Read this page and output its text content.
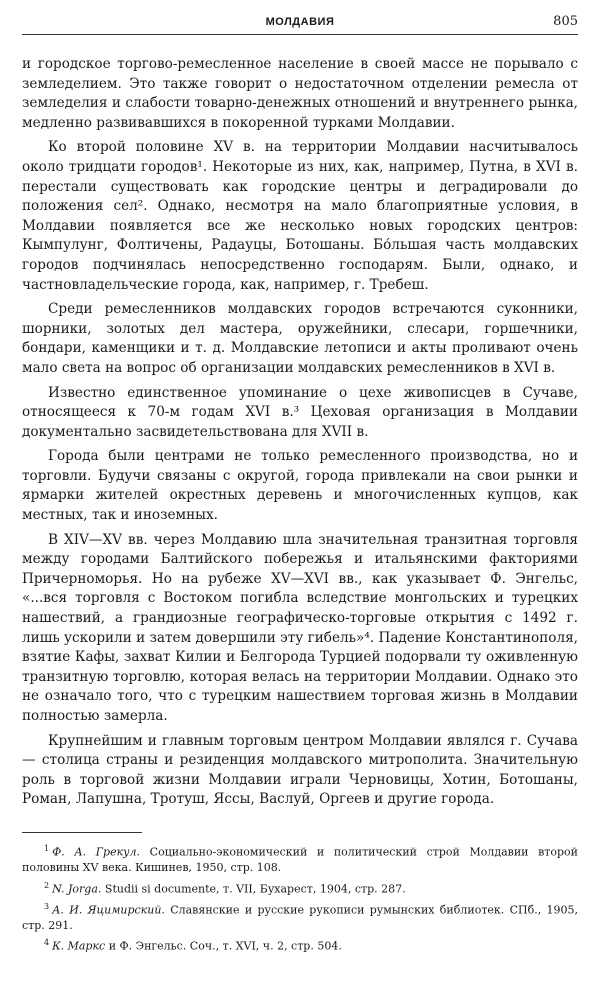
МОЛДАВИЯ	805

и городское торгово-ремесленное население в своей массе не порывало с земледелием. Это также говорит о недостаточном отделении ремесла от земледелия и слабости товарно-денежных отношений и внутреннего рынка, медленно развивавшихся в покоренной турками Молдавии.

Ко второй половине XV в. на территории Молдавии насчитывалось около тридцати городов¹. Некоторые из них, как, например, Путна, в XVI в. перестали существовать как городские центры и деградировали до положения сел². Однако, несмотря на мало благоприятные условия, в Молдавии появляется все же несколько новых городских центров: Кымпулунг, Фолтичены, Радауцы, Ботошаны. Бо́льшая часть молдавских городов подчинялась непосредственно господарям. Были, однако, и частновладельческие города, как, например, г. Требеш.

Среди ремесленников молдавских городов встречаются суконники, шорники, золотых дел мастера, оружейники, слесари, горшечники, бондари, каменщики и т. д. Молдавские летописи и акты проливают очень мало света на вопрос об организации молдавских ремесленников в XVI в.

Известно единственное упоминание о цехе живописцев в Сучаве, относящееся к 70-м годам XVI в.³ Цеховая организация в Молдавии документально засвидетельствована для XVII в.

Города были центрами не только ремесленного производства, но и торговли. Будучи связаны с округой, города привлекали на свои рынки и ярмарки жителей окрестных деревень и многочисленных купцов, как местных, так и иноземных.

В XIV—XV вв. через Молдавию шла значительная транзитная торговля между городами Балтийского побережья и итальянскими факториями Причерноморья. Но на рубеже XV—XVI вв., как указывает Ф. Энгельс, «...вся торговля с Востоком погибла вследствие монгольских и турецких нашествий, а грандиозные географическо-торговые открытия с 1492 г. лишь ускорили и затем довершили эту гибель»⁴. Падение Константинополя, взятие Кафы, захват Килии и Белгорода Турцией подорвали ту оживленную транзитную торговлю, которая велась на территории Молдавии. Однако это не означало того, что с турецким нашествием торговая жизнь в Молдавии полностью замерла.

Крупнейшим и главным торговым центром Молдавии являлся г. Сучава — столица страны и резиденция молдавского митрополита. Значительную роль в торговой жизни Молдавии играли Черновицы, Хотин, Ботошаны, Роман, Лапушна, Тротуш, Яссы, Васлуй, Оргеев и другие города.

$^1$ Ф. А. Грекул. Социально-экономический и политический строй Молдавии второй половины XV века. Кишинев, 1950, стр. 108.

$^2$ N. Jorga. Studii si documente, т. VII, Бухарест, 1904, стр. 287.

$^3$ А. И. Яцимирский. Славянские и русские рукописи румынских библиотек. СПб., 1905, стр. 291.

$^4$ К. Маркс и Ф. Энгельс. Соч., т. XVI, ч. 2, стр. 504.
